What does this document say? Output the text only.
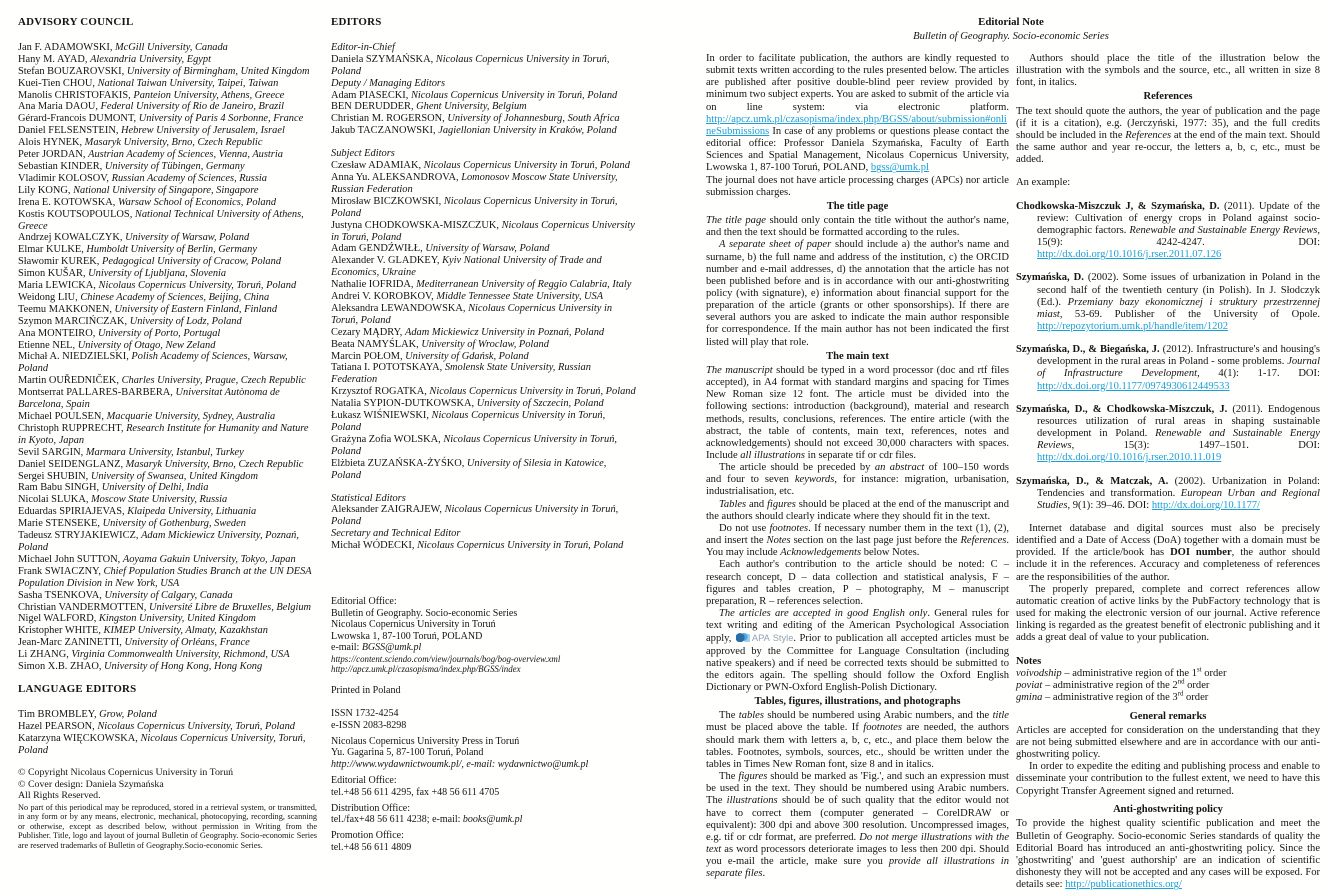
ADVISORY COUNCIL
Jan F. ADAMOWSKI, McGill University, Canada
Hany M. AYAD, Alexandria University, Egypt
Stefan BOUZAROVSKI, University of Birmingham, United Kingdom
Kuei-Tien CHOU, National Taiwan University, Taipei, Taiwan
Manolis CHRISTOFAKIS, Panteion University, Athens, Greece
Ana Maria DAOU, Federal University of Rio de Janeiro, Brazil
Gérard-Francois DUMONT, University of Paris 4 Sorbonne, France
Daniel FELSENSTEIN, Hebrew University of Jerusalem, Israel
Alois HYNEK, Masaryk University, Brno, Czech Republic
Peter JORDAN, Austrian Academy of Sciences, Vienna, Austria
Sebastian KINDER, University of Tübingen, Germany
Vladimir KOLOSOV, Russian Academy of Sciences, Russia
Lily KONG, National University of Singapore, Singapore
Irena E. KOTOWSKA, Warsaw School of Economics, Poland
Kostis KOUTSOPOULOS, National Technical University of Athens, Greece
Andrzej KOWALCZYK, University of Warsaw, Poland
Elmar KULKE, Humboldt University of Berlin, Germany
Sławomir KUREK, Pedagogical University of Cracow, Poland
Simon KUŠAR, University of Ljubljana, Slovenia
Maria LEWICKA, Nicolaus Copernicus University, Toruń, Poland
Weidong LIU, Chinese Academy of Sciences, Beijing, China
Teemu MAKKONEN, University of Eastern Finland, Finland
Szymon MARCIŃCZAK, University of Lodz, Poland
Ana MONTEIRO, University of Porto, Portugal
Etienne NEL, University of Otago, New Zeland
Michał A. NIEDZIELSKI, Polish Academy of Sciences, Warsaw, Poland
Martin OUŘEDNIČEK, Charles University, Prague, Czech Republic
Montserrat PALLARES-BARBERA, Universitat Autònoma de Barcelona, Spain
Michael POULSEN, Macquarie University, Sydney, Australia
Christoph RUPPRECHT, Research Institute for Humanity and Nature in Kyoto, Japan
Sevil SARGIN, Marmara University, Istanbul, Turkey
Daniel SEIDENGLANZ, Masaryk University, Brno, Czech Republic
Sergei SHUBIN, University of Swansea, United Kingdom
Ram Babu SINGH, University of Delhi, India
Nicolai SLUKA, Moscow State University, Russia
Eduardas SPIRIAJEVAS, Klaipeda University, Lithuania
Marie STENSEKE, University of Gothenburg, Sweden
Tadeusz STRYJAKIEWICZ, Adam Mickiewicz University, Poznań, Poland
Michael John SUTTON, Aoyama Gakuin University, Tokyo, Japan
Frank SWIACZNY, Chief Population Studies Branch at the UN DESA Population Division in New York, USA
Sasha TSENKOVA, University of Calgary, Canada
Christian VANDERMOTTEN, Université Libre de Bruxelles, Belgium
Nigel WALFORD, Kingston University, United Kingdom
Kristopher WHITE, KIMEP University, Almaty, Kazakhstan
Jean-Marc ZANINETTI, University of Orléans, France
Li ZHANG, Virginia Commonwealth University, Richmond, USA
Simon X.B. ZHAO, University of Hong Kong, Hong Kong
LANGUAGE EDITORS
Tim BROMBLEY, Grow, Poland
Hazel PEARSON, Nicolaus Copernicus University, Toruń, Poland
Katarzyna WIĘCKOWSKA, Nicolaus Copernicus University, Toruń, Poland
© Copyright Nicolaus Copernicus University in Toruń
© Cover design: Daniela Szymańska
All Rights Reserved.
No part of this periodical may be reproduced, stored in a retrieval system, or transmitted, in any form or by any means, electronic, mechanical, photocopying, recording, scanning or otherwise, except as described below, without permission in Writing from the Publisher. Title, logo and layout of journal Bulletin of Geography. Socio-economic Series are reserved trademarks of Bulletin of Geography.Socio-economic Series.
EDITORS
Editor-in-Chief
Daniela SZYMAŃSKA, Nicolaus Copernicus University in Toruń, Poland
Deputy / Managing Editors
Adam PIASECKI, Nicolaus Copernicus University in Toruń, Poland
BEN DERUDDER, Ghent University, Belgium
Christian M. ROGERSON, University of Johannesburg, South Africa
Jakub TACZANOWSKI, Jagiellonian University in Kraków, Poland
Subject Editors
Czesław ADAMIAK, Nicolaus Copernicus University in Toruń, Poland
Anna Yu. ALEKSANDROVA, Lomonosov Moscow State University, Russian Federation
Mirosław BICZKOWSKI, Nicolaus Copernicus University in Toruń, Poland
Justyna CHODKOWSKA-MISZCZUK, Nicolaus Copernicus University in Toruń, Poland
Adam GENDŹWIŁŁ, University of Warsaw, Poland
Alexander V. GLADKEY, Kyiv National University of Trade and Economics, Ukraine
Nathalie IOFRIDA, Mediterranean University of Reggio Calabria, Italy
Andrei V. KOROBKOV, Middle Tennessee State University, USA
Aleksandra LEWANDOWSKA, Nicolaus Copernicus University in Toruń, Poland
Cezary MĄDRY, Adam Mickiewicz University in Poznań, Poland
Beata NAMYŚLAK, University of Wroclaw, Poland
Marcin POŁOM, University of Gdańsk, Poland
Tatiana I. POTOTSKAYA, Smolensk State University, Russian Federation
Krzysztof ROGATKA, Nicolaus Copernicus University in Toruń, Poland
Natalia SYPION-DUTKOWSKA, University of Szczecin, Poland
Łukasz WIŚNIEWSKI, Nicolaus Copernicus University in Toruń, Poland
Grażyna Zofia WOLSKA, Nicolaus Copernicus University in Toruń, Poland
Elżbieta ZUZAŃSKA-ŻYŚKO, University of Silesia in Katowice, Poland
Statistical Editors
Aleksander ZAIGRAJEW, Nicolaus Copernicus University in Toruń, Poland
Secretary and Technical Editor
Michał WÓDECKI, Nicolaus Copernicus University in Toruń, Poland
Editorial Office:
Bulletin of Geography. Socio-economic Series
Nicolaus Copernicus University in Toruń
Lwowska 1, 87-100 Toruń, POLAND
e-mail: BGSS@umk.pl
https://content.sciendo.com/view/journals/bog/bog-overview.xml
http://apcz.umk.pl/czasopisma/index.php/BGSS/index
Printed in Poland
ISSN 1732-4254
e-ISSN 2083-8298
Nicolaus Copernicus University Press in Toruń
Yu. Gagarina 5, 87-100 Toruń, Poland
http://www.wydawnictwoumk.pl/, e-mail: wydawnictwo@umk.pl
Editorial Office:
tel.+48 56 611 4295, fax +48 56 611 4705
Distribution Office:
tel./fax+48 56 611 4238; e-mail: books@umk.pl
Promotion Office:
tel.+48 56 611 4809
Editorial Note
Bulletin of Geography. Socio-economic Series
In order to facilitate publication, the authors are kindly requested to submit texts written according to the rules presented below. The articles are published after positive double-blind peer review provided by minimum two subject experts. You are asked to submit of the article via on line system: via electronic platform. http://apcz.umk.pl/czasopisma/index.php/BGSS/about/submission#onlineSubmissions In case of any problems or questions please contact the editorial office: Professor Daniela Szymańska, Faculty of Earth Sciences and Spatial Management, Nicolaus Copernicus University, Lwowska 1, 87-100 Toruń, POLAND, bgss@umk.pl
The journal does not have article processing charges (APCs) nor article submission charges.
The title page
The title page should only contain the title without the author's name, and then the text should be formatted according to the rules.
A separate sheet of paper should include a) the author's name and surname, b) the full name and address of the institution, c) the ORCID number and e-mail addresses, d) the annotation that the article has not been published before and is in accordance with our anti-ghostwriting policy (with signature), e) information about financial support for the preparation of the article (grants or other sponsorships). If there are several authors you are asked to indicate the main author responsible for correspondence. If the main author has not been indicated the first listed will play that role.
The main text
The manuscript should be typed in a word processor (doc and rtf files accepted), in A4 format with standard margins and spacing for Times New Roman size 12 font. The article must be divided into the following sections: introduction (background), material and research methods, results, conclusions, references. The entire article (with the abstract, the table of contents, main text, references, notes and acknowledgements) should not exceed 30,000 characters with spaces. Include all illustrations in separate tif or cdr files.
The article should be preceded by an abstract of 100–150 words and four to seven keywords, for instance: migration, urbanisation, industrialisation, etc.
Tables and figures should be placed at the end of the manuscript and the authors should clearly indicate where they should fit in the text.
Do not use footnotes. If necessary number them in the text (1), (2), and insert the Notes section on the last page just before the References. You may include Acknowledgements below Notes.
Each author's contribution to the article should be noted: C – research concept, D – data collection and statistical analysis, F – figures and tables creation, P – photography, M – manuscript preparation, R – references selection.
The articles are accepted in good English only. General rules for text writing and editing of the American Psychological Association apply, APA Style. Prior to publication all accepted articles must be approved by the Committee for Language Consultation (including native speakers) and if need be corrected texts should be submitted to the editors again. The spelling should follow the Oxford English Dictionary or PWN-Oxford English-Polish Dictionary.
Tables, figures, illustrations, and photographs
The tables should be numbered using Arabic numbers, and the title must be placed above the table. If footnotes are needed, the authors should mark them with letters a, b, c, etc., and place them below the tables. Footnotes, symbols, sources, etc., should be written under the tables in Times New Roman font, size 8 and in italics.
The figures should be marked as 'Fig.', and such an expression must be used in the text. They should be numbered using Arabic numbers. The illustrations should be of such quality that the editor would not have to correct them (computer generated – CorelDRAW or equivalent): 300 dpi and above 300 resolution. Uncompressed images, e.g. tif or cdr format, are preferred. Do not merge illustrations with the text as word processors deteriorate images to less then 200 dpi. Should you e-mail the article, make sure you provide all illustrations in separate files.
Authors should place the title of the illustration below the illustration with the symbols and the source, etc., all written in size 8 font, in italics.
References
The text should quote the authors, the year of publication and the page (if it is a citation), e.g. (Jerczyński, 1977: 35), and the full credits should be included in the References at the end of the main text. Should the same author and year re-occur, the letters a, b, c, etc., must be added.
An example:
Chodkowska-Miszczuk J, & Szymańska, D. (2011). Update of the review: Cultivation of energy crops in Poland against socio-demographic factors. Renewable and Sustainable Energy Reviews, 15(9): 4242-4247. DOI: http://dx.doi.org/10.1016/j.rser.2011.07.126
Szymańska, D. (2002). Some issues of urbanization in Poland in the second half of the twentieth century (in Polish). In J. Słodczyk (Ed.). Przemiany bazy ekonomicznej i struktury przestrzennej miast, 53-69. Publisher of the University of Opole. http://repozytorium.umk.pl/handle/item/1202
Szymańska, D., & Biegańska, J. (2012). Infrastructure's and housing's development in the rural areas in Poland - some problems. Journal of Infrastructure Development, 4(1): 1-17. DOI: http://dx.doi.org/10.1177/0974930612449533
Szymańska, D., & Chodkowska-Miszczuk, J. (2011). Endogenous resources utilization of rural areas in shaping sustainable development in Poland. Renewable and Sustainable Energy Reviews, 15(3): 1497–1501. DOI: http://dx.doi.org/10.1016/j.rser.2010.11.019
Szymańska, D., & Matczak, A. (2002). Urbanization in Poland: Tendencies and transformation. European Urban and Regional Studies, 9(1): 39–46. DOI: http://dx.doi.org/10.1177/
Internet database and digital sources must also be precisely identified and a Date of Access (DoA) together with a domain must be provided. If the article/book has DOI number, the author should include it in the references. Accuracy and completeness of references are the responsibilities of the author.
The properly prepared, complete and correct references allow automatic creation of active links by the PubFactory technology that is used for making the electronic version of our journal. Active reference linking is regarded as the greatest benefit of electronic publishing and it adds a great deal of value to your publication.
Notes
voivodship – administrative region of the 1st order
poviat – administrative region of the 2nd order
gmina – administrative region of the 3rd order
General remarks
Articles are accepted for consideration on the understanding that they are not being submitted elsewhere and are in accordance with our anti-ghostwriting policy.
In order to expedite the editing and publishing process and enable to disseminate your contribution to the fullest extent, we need to have this Copyright Transfer Agreement signed and returned.
Anti-ghostwriting policy
To provide the highest quality scientific publication and meet the Bulletin of Geography. Socio-economic Series standards of quality the Editorial Board has introduced an anti-ghostwriting policy. Since the 'ghostwriting' and 'guest authorship' are an indication of scientific dishonesty they will not be accepted and any cases will be exposed. For details see: http://publicationethics.org/
